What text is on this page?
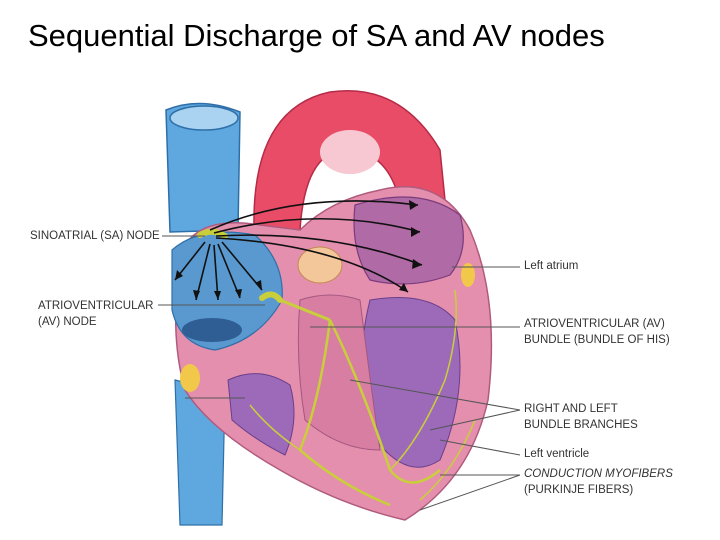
Sequential Discharge of SA and AV nodes
SINOATRIAL (SA) NODE
ATRIOVENTRICULAR
(AV) NODE
Left atrium
ATRIOVENTRICULAR (AV)
BUNDLE (BUNDLE OF HIS)
RIGHT AND LEFT
BUNDLE BRANCHES
Left ventricle
CONDUCTION MYOFIBERS
(PURKINJE FIBERS)
